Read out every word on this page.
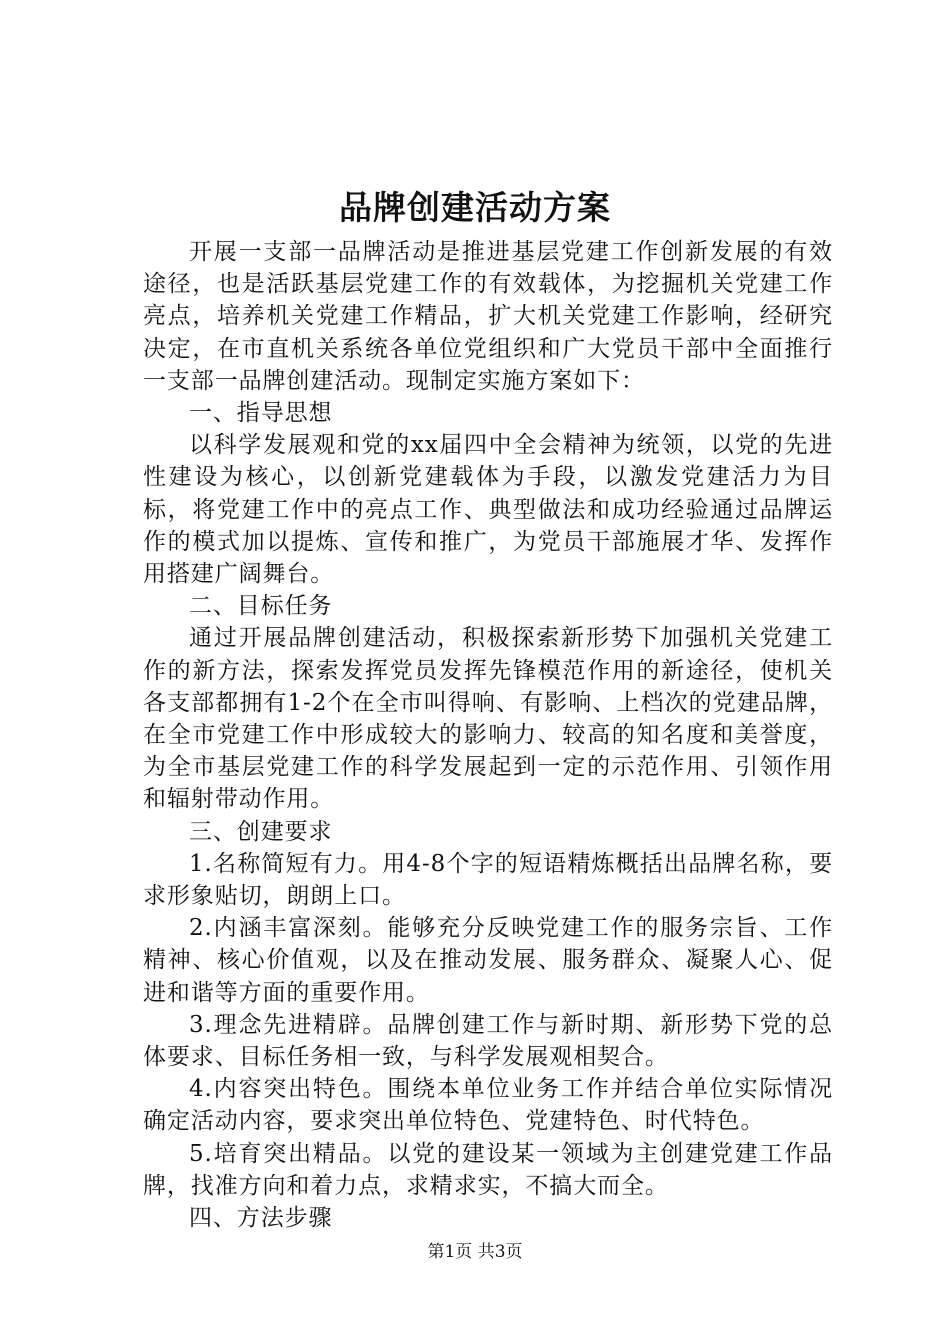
品牌创建活动方案

开展一支部一品牌活动是推进基层党建工作创新发展的有效途径，也是活跃基层党建工作的有效载体，为挖掘机关党建工作亮点，培养机关党建工作精品，扩大机关党建工作影响，经研究决定，在市直机关系统各单位党组织和广大党员干部中全面推行一支部一品牌创建活动。现制定实施方案如下：

一、指导思想

以科学发展观和党的xx届四中全会精神为统领，以党的先进性建设为核心，以创新党建载体为手段，以激发党建活力为目标，将党建工作中的亮点工作、典型做法和成功经验通过品牌运作的模式加以提炼、宣传和推广，为党员干部施展才华、发挥作用搭建广阔舞台。

二、目标任务

通过开展品牌创建活动，积极探索新形势下加强机关党建工作的新方法，探索发挥党员发挥先锋模范作用的新途径，使机关各支部都拥有1-2个在全市叫得响、有影响、上档次的党建品牌，在全市党建工作中形成较大的影响力、较高的知名度和美誉度，为全市基层党建工作的科学发展起到一定的示范作用、引领作用和辐射带动作用。

三、创建要求

1.名称简短有力。用4-8个字的短语精炼概括出品牌名称，要求形象贴切，朗朗上口。

2.内涵丰富深刻。能够充分反映党建工作的服务宗旨、工作精神、核心价值观，以及在推动发展、服务群众、凝聚人心、促进和谐等方面的重要作用。

3.理念先进精辟。品牌创建工作与新时期、新形势下党的总体要求、目标任务相一致，与科学发展观相契合。

4.内容突出特色。围绕本单位业务工作并结合单位实际情况确定活动内容，要求突出单位特色、党建特色、时代特色。

5.培育突出精品。以党的建设某一领域为主创建党建工作品牌，找准方向和着力点，求精求实，不搞大而全。

四、方法步骤

第1页 共3页
